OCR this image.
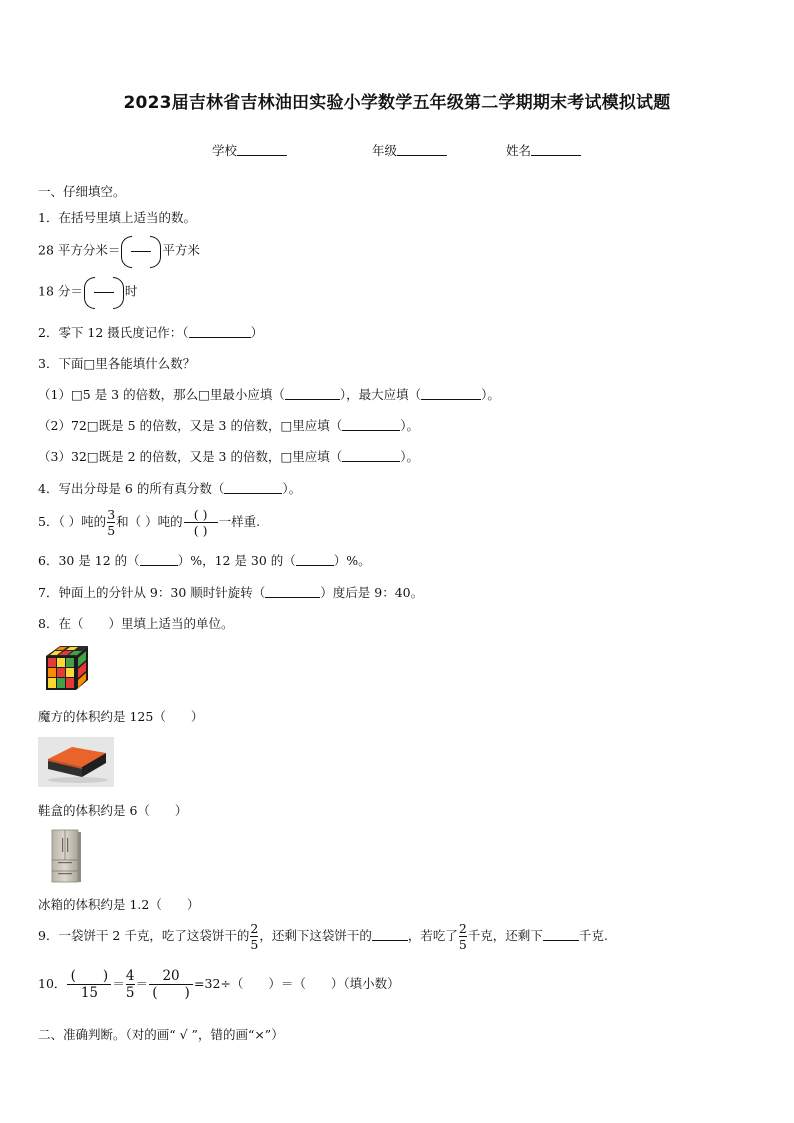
2023届吉林省吉林油田实验小学数学五年级第二学期期末考试模拟试题
学校	年级	姓名
一、仔细填空。
1．在括号里填上适当的数。
28 平方分米＝	平方米
18 分＝	时
2．零下 12 摄氏度记作：（	）
3．下面□里各能填什么数？
（1）□5 是 3 的倍数，那么□里最小应填（	），最大应填（	）。
（2）72□既是 5 的倍数，又是 3 的倍数，□里应填（	）。
（3）32□既是 2 的倍数，又是 3 的倍数，□里应填（	）。
4．写出分母是 6 的所有真分数（	）。
5．（ ）吨的 $\frac{3}{5}$ 和（ ）吨的 $\frac{( )}{( )}$ 一样重.
6．30 是 12 的（	）%，12 是 30 的（	）%。
7．钟面上的分针从 9：30 顺时针旋转（	）度后是 9：40。
8．在（　　）里填上适当的单位。
魔方的体积约是 125（　　）
鞋盒的体积约是 6（　　）
冰箱的体积约是 1.2（　　）
9．一袋饼干 2 千克，吃了这袋饼干的 $\frac{2}{5}$ ，还剩下这袋饼干的	，若吃了 $\frac{2}{5}$ 千克，还剩下	千克.
10． $\frac{( )}{15} = \frac{4}{5} = \frac{20}{( )} =32\div$（　　）＝（　　）（填小数）
二、准确判断。（对的画“ √ ”，错的画“×”）
